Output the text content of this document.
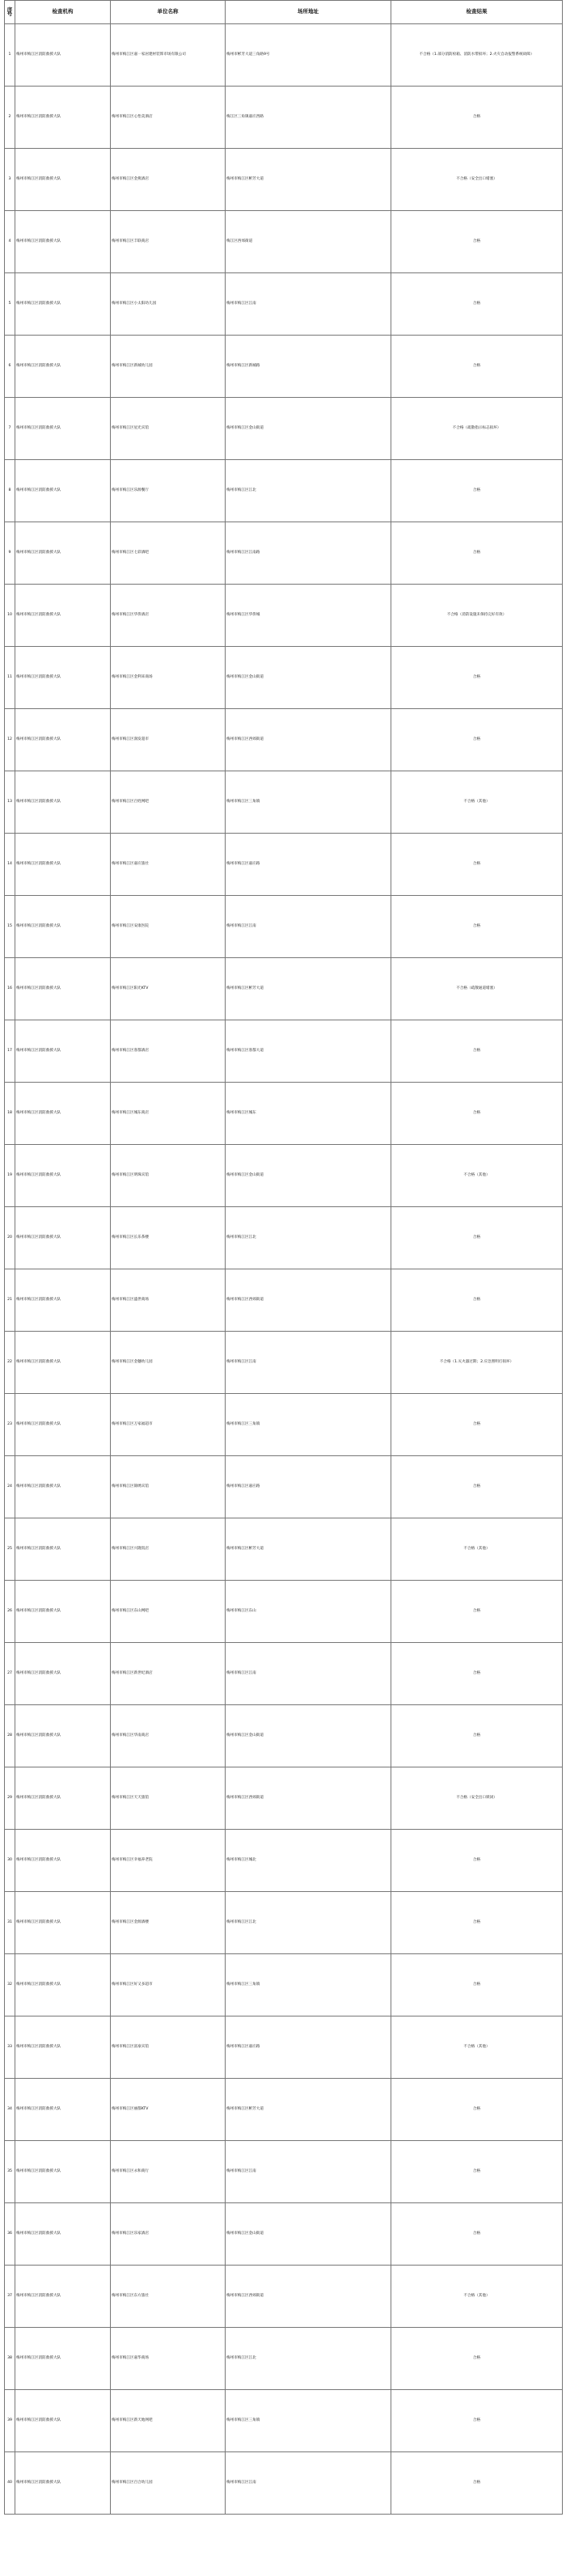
序号	检查机构	单位名称	场所地址	检查结果
1	梅州市梅江区消防救援大队	梅州市梅江区嘉一家居建材装饰市场有限公司	梅州市彬芳大道三角路9号	不合格（1.部分消防栓箱、消防水带损坏；2.火灾自动报警系统故障）
2	梅州市梅江区消防救援大队	梅州市梅江区心怡美酒店	梅江区三角镇嘉应西路	合格
3	梅州市梅江区消防救援大队	梅州市梅江区金燕酒店	梅州市梅江区彬芳大道	不合格（安全出口堵塞）
4	梅州市梅江区消防救援大队	梅州市梅江区丰联商店	梅江区西郊街道	合格
5	梅州市梅江区消防救援大队	梅州市梅江区小太阳幼儿园	梅州市梅江区江南	合格
6	梅州市梅江区消防救援大队	梅州市梅江区新城幼儿园	梅州市梅江区新城路	合格
7	梅州市梅江区消防救援大队	梅州市梅江区星光宾馆	梅州市梅江区金山街道	不合格（疏散指示标志损坏）
8	梅州市梅江区消防救援大队	梅州市梅江区乐源餐厅	梅州市梅江区江北	合格
9	梅州市梅江区消防救援大队	梅州市梅江区七彩酒吧	梅州市梅江区江南路	合格
10	梅州市梅江区消防救援大队	梅州市梅江区华侨酒店	梅州市梅江区华侨城	不合格（消防设施未保持完好有效）
11	梅州市梅江区消防救援大队	梅州市梅江区金利来商场	梅州市梅江区金山街道	合格
12	梅州市梅江区消防救援大队	梅州市梅江区润发超市	梅州市梅江区西郊街道	合格
13	梅州市梅江区消防救援大队	梅州市梅江区百姓网吧	梅州市梅江区三角镇	不合格（其他）
14	梅州市梅江区消防救援大队	梅州市梅江区嘉应旅社	梅州市梅江区嘉应路	合格
15	梅州市梅江区消防救援大队	梅州市梅江区安康医院	梅州市梅江区江南	合格
16	梅州市梅江区消防救援大队	梅州市梅江区阳光KTV	梅州市梅江区彬芳大道	不合格（疏散通道堵塞）
17	梅州市梅江区消防救援大队	梅州市梅江区客都酒店	梅州市梅江区客都大道	合格
18	梅州市梅江区消防救援大队	梅州市梅江区城东商店	梅州市梅江区城东	合格
19	梅州市梅江区消防救援大队	梅州市梅江区明珠宾馆	梅州市梅江区金山街道	不合格（其他）
20	梅州市梅江区消防救援大队	梅州市梅江区长乐茶楼	梅州市梅江区江北	合格
21	梅州市梅江区消防救援大队	梅州市梅江区盛世商场	梅州市梅江区西郊街道	合格
22	梅州市梅江区消防救援大队	梅州市梅江区金穗幼儿园	梅州市梅江区江南	不合格（1.灭火器过期；2.应急照明灯损坏）
23	梅州市梅江区消防救援大队	梅州市梅江区万家福超市	梅州市梅江区三角镇	合格
24	梅州市梅江区消防救援大队	梅州市梅江区锦绣宾馆	梅州市梅江区嘉应路	合格
25	梅州市梅江区消防救援大队	梅州市梅江区兴隆饭店	梅州市梅江区彬芳大道	不合格（其他）
26	梅州市梅江区消防救援大队	梅州市梅江区东山网吧	梅州市梅江区东山	合格
27	梅州市梅江区消防救援大队	梅州市梅江区新世纪酒店	梅州市梅江区江南	合格
28	梅州市梅江区消防救援大队	梅州市梅江区华南商店	梅州市梅江区金山街道	合格
29	梅州市梅江区消防救援大队	梅州市梅江区天天旅馆	梅州市梅江区西郊街道	不合格（安全出口锁闭）
30	梅州市梅江区消防救援大队	梅州市梅江区幸福养老院	梅州市梅江区城北	合格
31	梅州市梅江区消防救援大队	梅州市梅江区金源酒楼	梅州市梅江区江北	合格
32	梅州市梅江区消防救援大队	梅州市梅江区好又多超市	梅州市梅江区三角镇	合格
33	梅州市梅江区消防救援大队	梅州市梅江区富豪宾馆	梅州市梅江区嘉应路	不合格（其他）
34	梅州市梅江区消防救援大队	梅州市梅江区丽都KTV	梅州市梅江区彬芳大道	合格
35	梅州市梅江区消防救援大队	梅州市梅江区永和商行	梅州市梅江区江南	合格
36	梅州市梅江区消防救援大队	梅州市梅江区乐家酒店	梅州市梅江区金山街道	合格
37	梅州市梅江区消防救援大队	梅州市梅江区东方旅社	梅州市梅江区西郊街道	不合格（其他）
38	梅州市梅江区消防救援大队	梅州市梅江区嘉华商场	梅州市梅江区江北	合格
39	梅州市梅江区消防救援大队	梅州市梅江区新天地网吧	梅州市梅江区三角镇	合格
40	梅州市梅江区消防救援大队	梅州市梅江区百合幼儿园	梅州市梅江区江南	合格
